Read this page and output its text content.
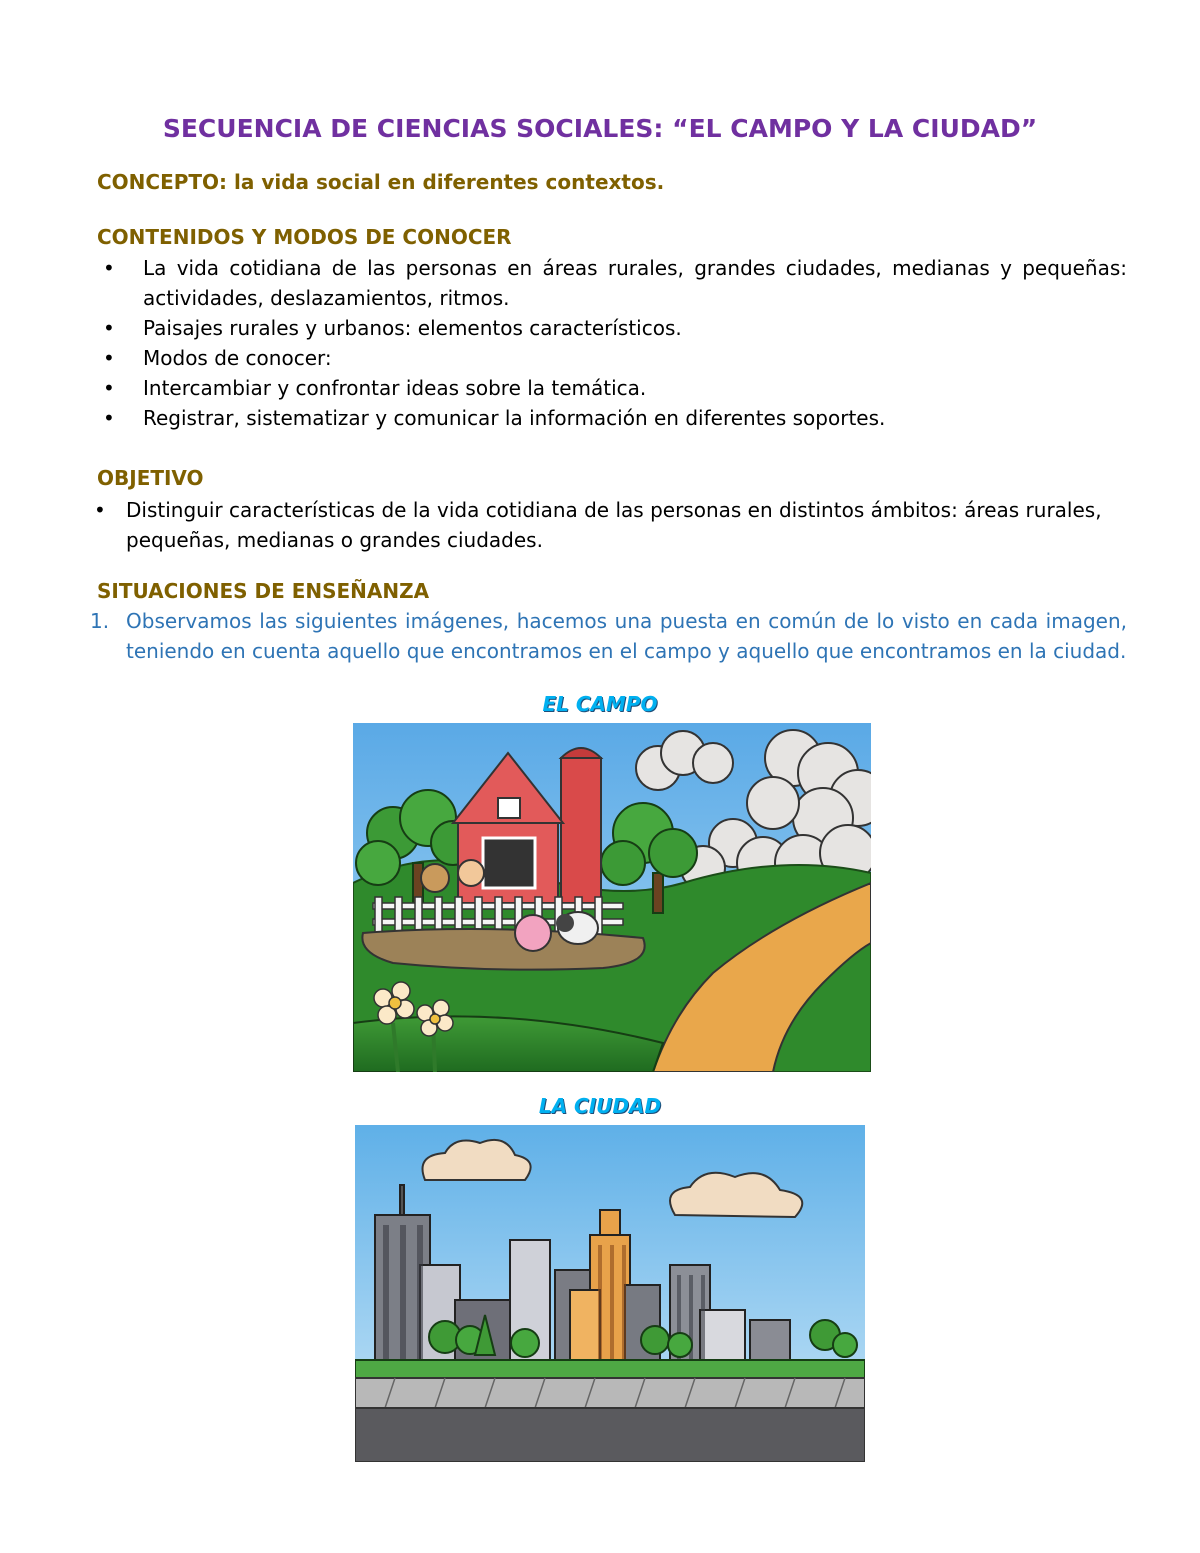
SECUENCIA DE CIENCIAS SOCIALES: “EL CAMPO Y LA CIUDAD”
CONCEPTO: la vida social en diferentes contextos.
CONTENIDOS Y MODOS DE CONOCER
• La vida cotidiana de las personas en áreas rurales, grandes ciudades, medianas y pequeñas: actividades, deslazamientos, ritmos.
• Paisajes rurales y urbanos: elementos característicos.
• Modos de conocer:
• Intercambiar y confrontar ideas sobre la temática.
• Registrar, sistematizar y comunicar la información en diferentes soportes.
OBJETIVO
• Distinguir características de la vida cotidiana de las personas en distintos ámbitos: áreas rurales, pequeñas, medianas o grandes ciudades.
SITUACIONES DE ENSEÑANZA
1. Observamos las siguientes imágenes, hacemos una puesta en común de lo visto en cada imagen, teniendo en cuenta aquello que encontramos en el campo y aquello que encontramos en la ciudad.
EL CAMPO
LA CIUDAD
